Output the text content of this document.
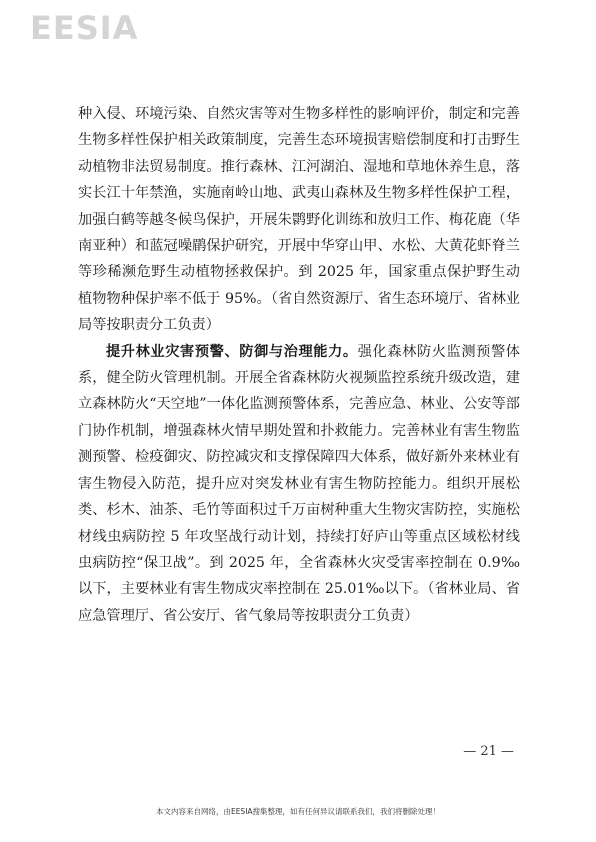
EESIA

种入侵、环境污染、自然灾害等对生物多样性的影响评价，制定和完善生物多样性保护相关政策制度，完善生态环境损害赔偿制度和打击野生动植物非法贸易制度。推行森林、江河湖泊、湿地和草地休养生息，落实长江十年禁渔，实施南岭山地、武夷山森林及生物多样性保护工程，加强白鹤等越冬候鸟保护，开展朱鹮野化训练和放归工作、梅花鹿（华南亚种）和蓝冠噪鹛保护研究，开展中华穿山甲、水松、大黄花虾脊兰等珍稀濒危野生动植物拯救保护。到 2025 年，国家重点保护野生动植物物种保护率不低于 95%。（省自然资源厅、省生态环境厅、省林业局等按职责分工负责）

提升林业灾害预警、防御与治理能力。强化森林防火监测预警体系，健全防火管理机制。开展全省森林防火视频监控系统升级改造，建立森林防火“天空地”一体化监测预警体系，完善应急、林业、公安等部门协作机制，增强森林火情早期处置和扑救能力。完善林业有害生物监测预警、检疫御灾、防控减灾和支撑保障四大体系，做好新外来林业有害生物侵入防范，提升应对突发林业有害生物防控能力。组织开展松类、杉木、油茶、毛竹等面积过千万亩树种重大生物灾害防控，实施松材线虫病防控 5 年攻坚战行动计划，持续打好庐山等重点区域松材线虫病防控“保卫战”。到 2025 年，全省森林火灾受害率控制在 0.9‰以下，主要林业有害生物成灾率控制在 25.01‰以下。（省林业局、省应急管理厅、省公安厅、省气象局等按职责分工负责）

— 21 —
本文内容来自网络，由EESIA搜集整理，如有任何异议请联系我们，我们将删除处理！
